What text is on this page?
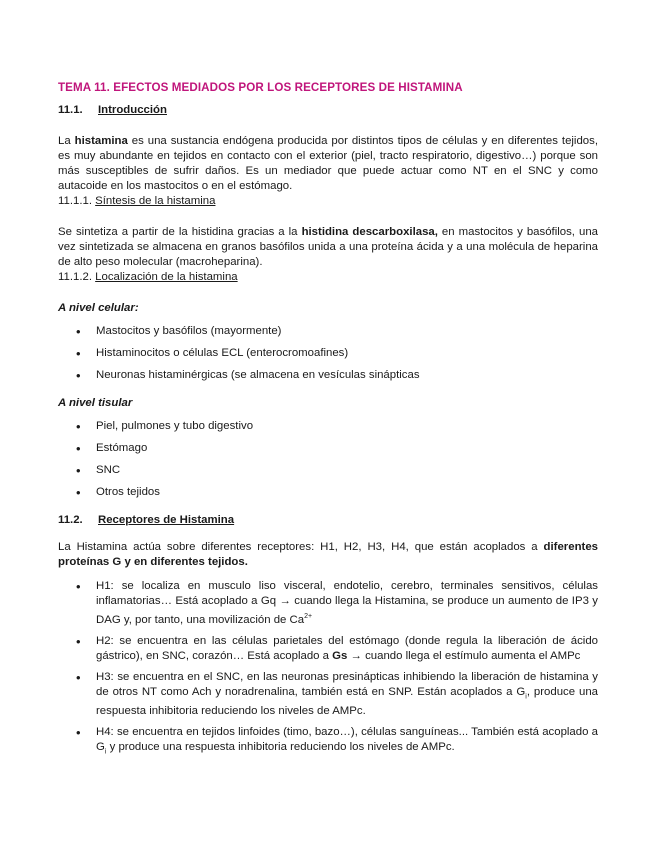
TEMA 11. EFECTOS MEDIADOS POR LOS RECEPTORES DE HISTAMINA
11.1.	Introducción

La histamina es una sustancia endógena producida por distintos tipos de células y en diferentes tejidos, es muy abundante en tejidos en contacto con el exterior (piel, tracto respiratorio, digestivo…) porque son más susceptibles de sufrir daños. Es un mediador que puede actuar como NT en el SNC y como autacoide en los mastocitos o en el estómago.

11.1.1. Síntesis de la histamina

Se sintetiza a partir de la histidina gracias a la histidina descarboxilasa, en mastocitos y basófilos, una vez sintetizada se almacena en granos basófilos unida a una proteína ácida y a una molécula de heparina de alto peso molecular (macroheparina).

11.1.2. Localización de la histamina
A nivel celular:
• Mastocitos y basófilos (mayormente)
• Histaminocitos o células ECL (enterocromoafines)
• Neuronas histaminérgicas (se almacena en vesículas sinápticas
A nivel tisular
• Piel, pulmones y tubo digestivo
• Estómago
• SNC
• Otros tejidos
11.2.	Receptores de Histamina

La Histamina actúa sobre diferentes receptores: H1, H2, H3, H4, que están acoplados a diferentes proteínas G y en diferentes tejidos.

• H1: se localiza en musculo liso visceral, endotelio, cerebro, terminales sensitivos, células inflamatorias… Está acoplado a Gq → cuando llega la Histamina, se produce un aumento de IP3 y DAG y, por tanto, una movilización de $Ca^{2+}$
• H2: se encuentra en las células parietales del estómago (donde regula la liberación de ácido gástrico), en SNC, corazón… Está acoplado a Gs → cuando llega el estímulo aumenta el AMPc
• H3: se encuentra en el SNC, en las neuronas presinápticas inhibiendo la liberación de histamina y de otros NT como Ach y noradrenalina, también está en SNP. Están acoplados a $G_i$, produce una respuesta inhibitoria reduciendo los niveles de AMPc.
• H4: se encuentra en tejidos linfoides (timo, bazo…), células sanguíneas... También está acoplado a $G_i$ y produce una respuesta inhibitoria reduciendo los niveles de AMPc.
